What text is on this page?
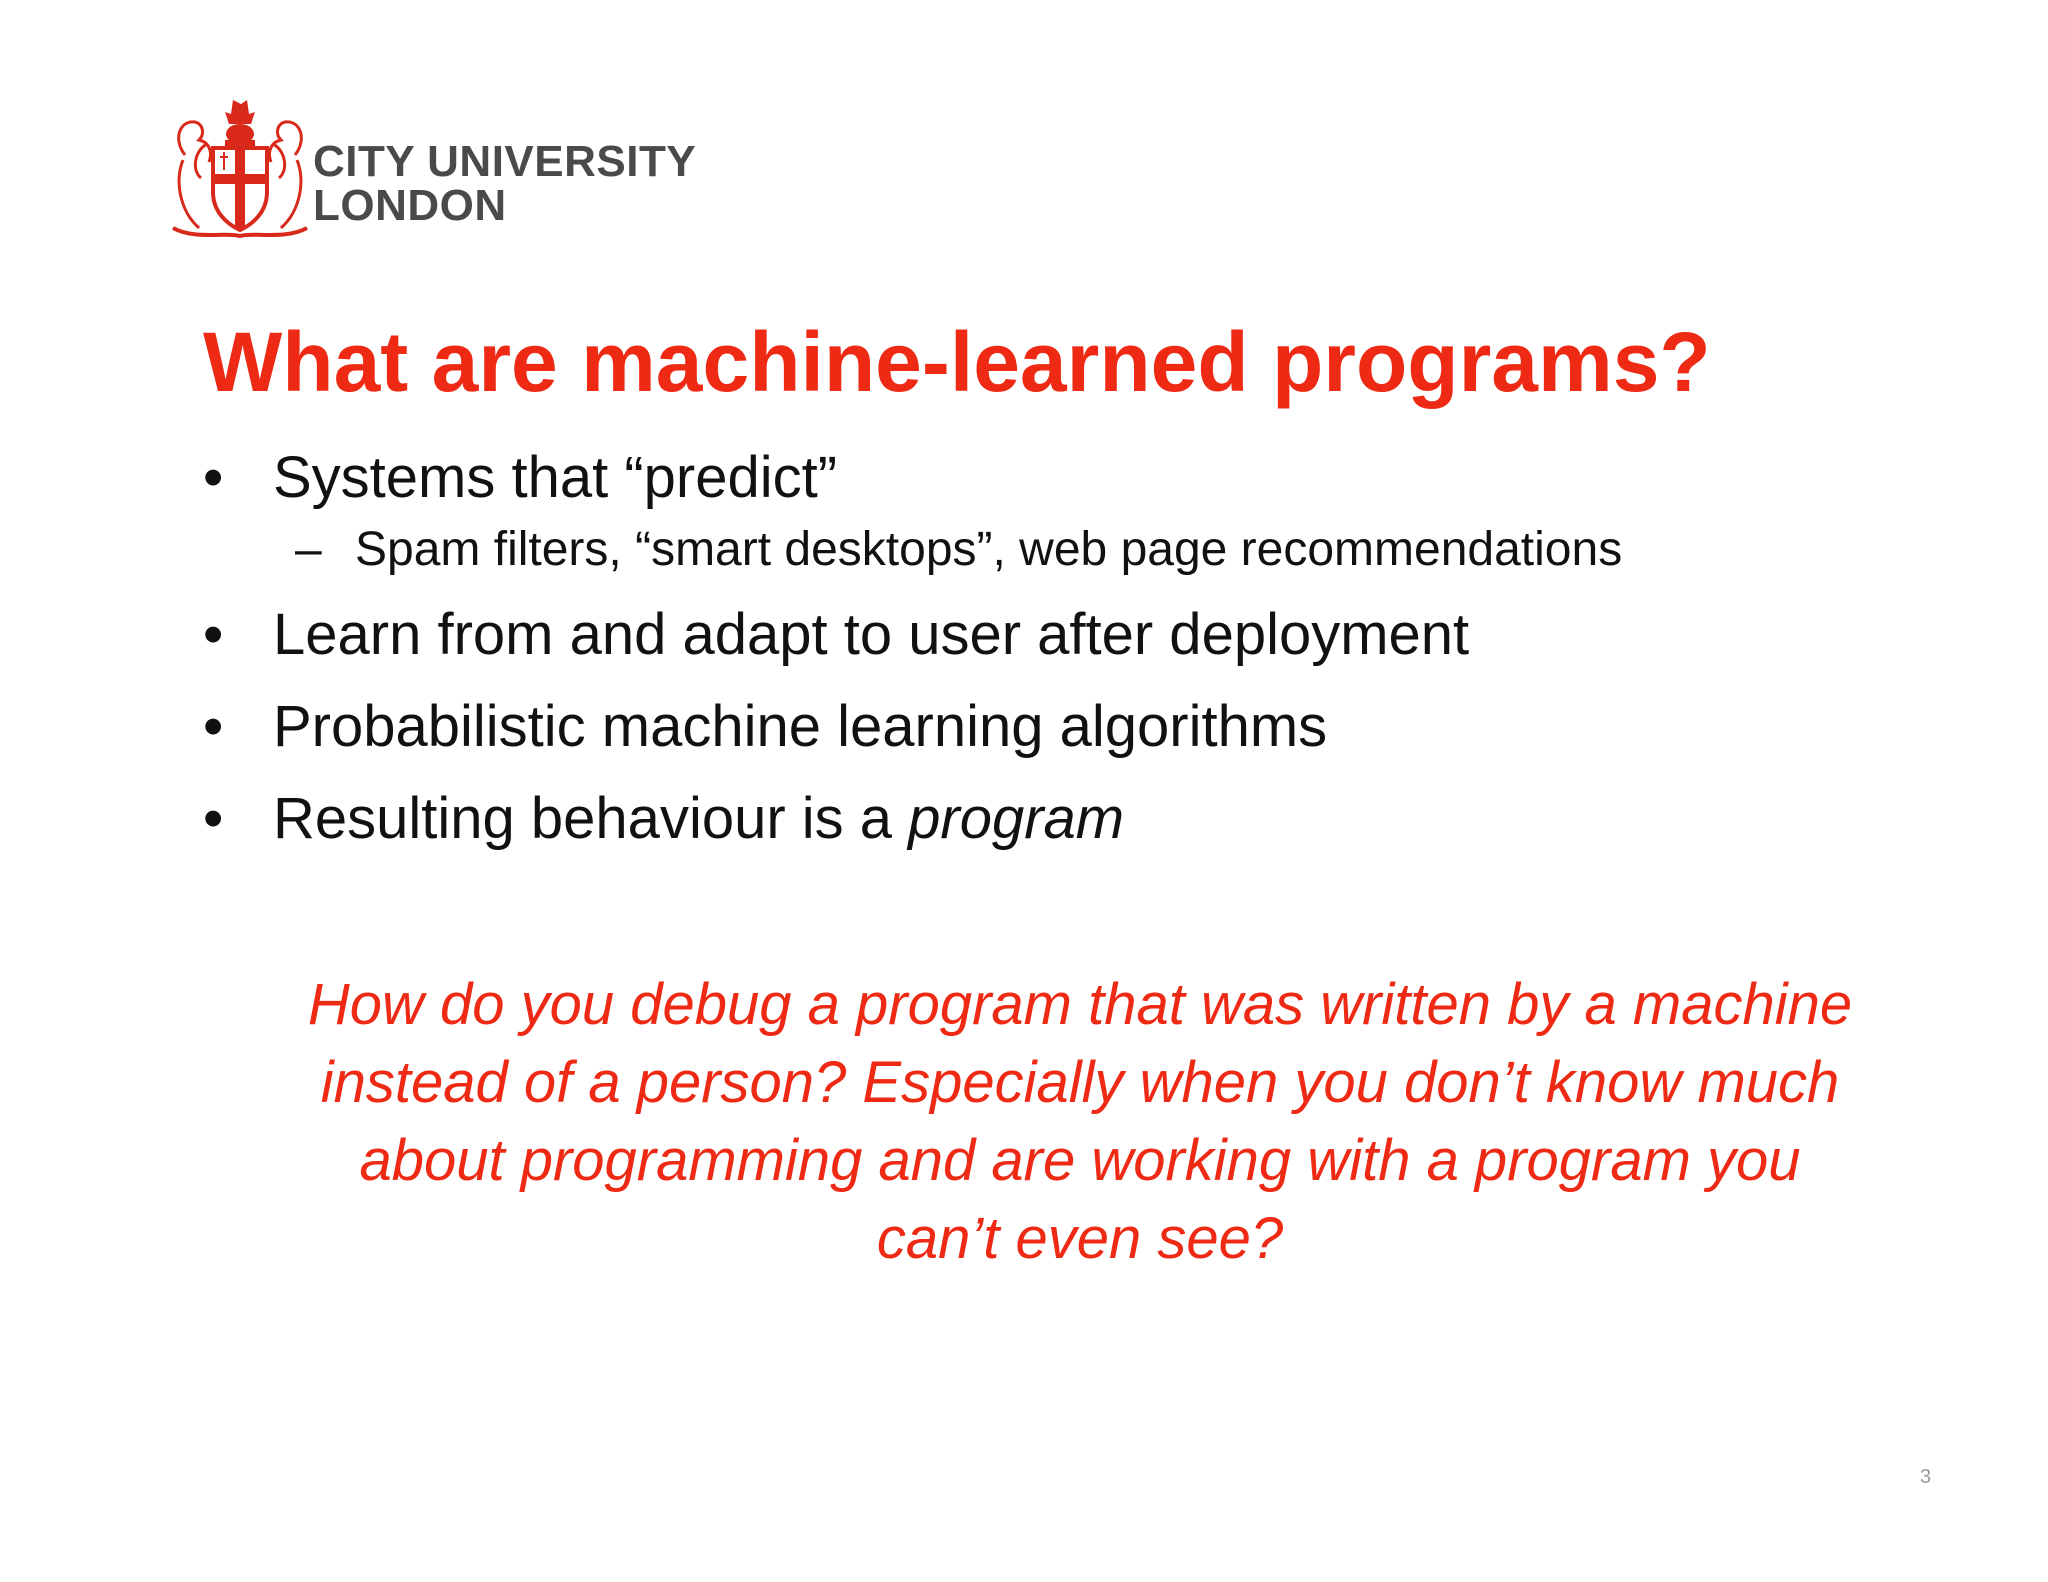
CITY UNIVERSITY
LONDON
What are machine-learned programs?
• Systems that “predict”
– Spam filters, “smart desktops”, web page recommendations
• Learn from and adapt to user after deployment
• Probabilistic machine learning algorithms
• Resulting behaviour is a program

How do you debug a program that was written by a machine
instead of a person? Especially when you don’t know much
about programming and are working with a program you
can’t even see?

3
